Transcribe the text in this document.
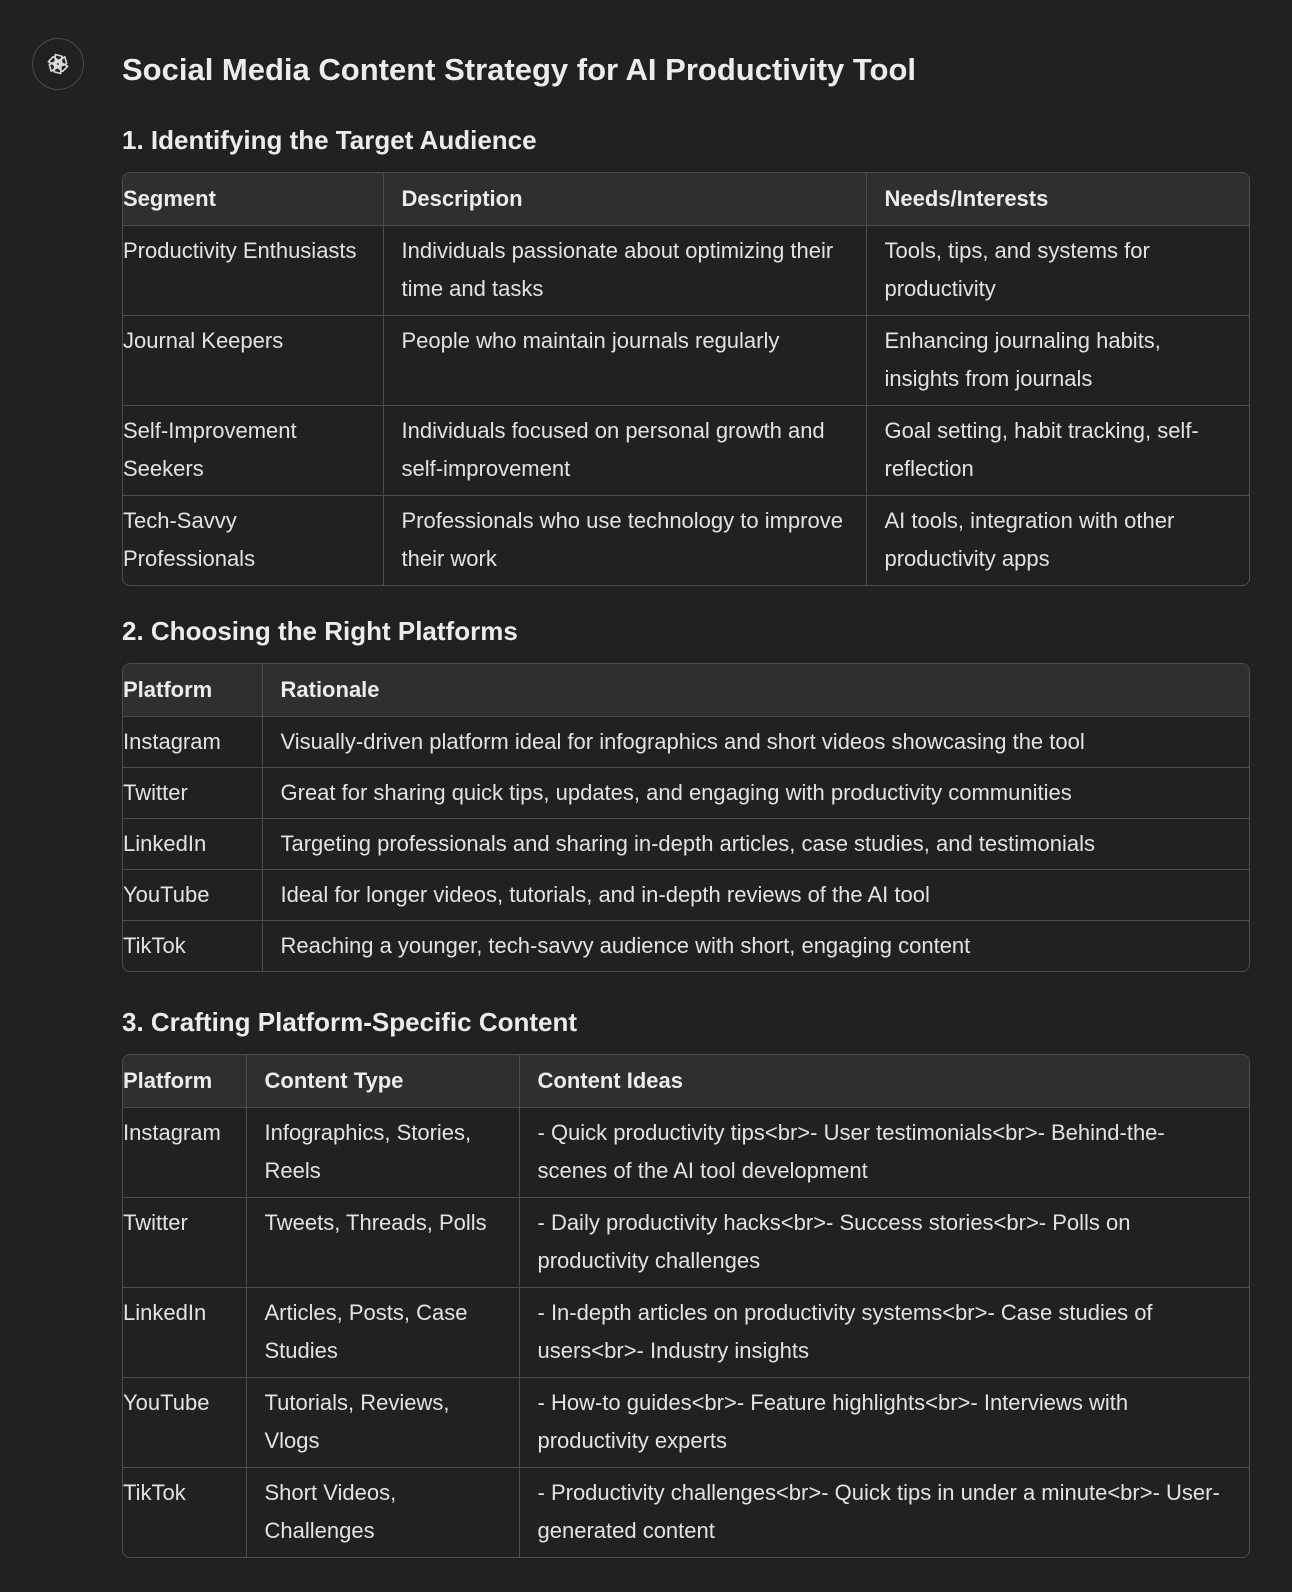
Social Media Content Strategy for AI Productivity Tool
1. Identifying the Target Audience
Segment	Description	Needs/Interests
Productivity Enthusiasts	Individuals passionate about optimizing their time and tasks	Tools, tips, and systems for productivity
Journal Keepers	People who maintain journals regularly	Enhancing journaling habits, insights from journals
Self-Improvement Seekers	Individuals focused on personal growth and self-improvement	Goal setting, habit tracking, self-reflection
Tech-Savvy Professionals	Professionals who use technology to improve their work	AI tools, integration with other productivity apps
2. Choosing the Right Platforms
Platform	Rationale
Instagram	Visually-driven platform ideal for infographics and short videos showcasing the tool
Twitter	Great for sharing quick tips, updates, and engaging with productivity communities
LinkedIn	Targeting professionals and sharing in-depth articles, case studies, and testimonials
YouTube	Ideal for longer videos, tutorials, and in-depth reviews of the AI tool
TikTok	Reaching a younger, tech-savvy audience with short, engaging content
3. Crafting Platform-Specific Content
Platform	Content Type	Content Ideas
Instagram	Infographics, Stories, Reels	- Quick productivity tips<br>- User testimonials<br>- Behind-the-scenes of the AI tool development
Twitter	Tweets, Threads, Polls	- Daily productivity hacks<br>- Success stories<br>- Polls on productivity challenges
LinkedIn	Articles, Posts, Case Studies	- In-depth articles on productivity systems<br>- Case studies of users<br>- Industry insights
YouTube	Tutorials, Reviews, Vlogs	- How-to guides<br>- Feature highlights<br>- Interviews with productivity experts
TikTok	Short Videos, Challenges	- Productivity challenges<br>- Quick tips in under a minute<br>- User-generated content
